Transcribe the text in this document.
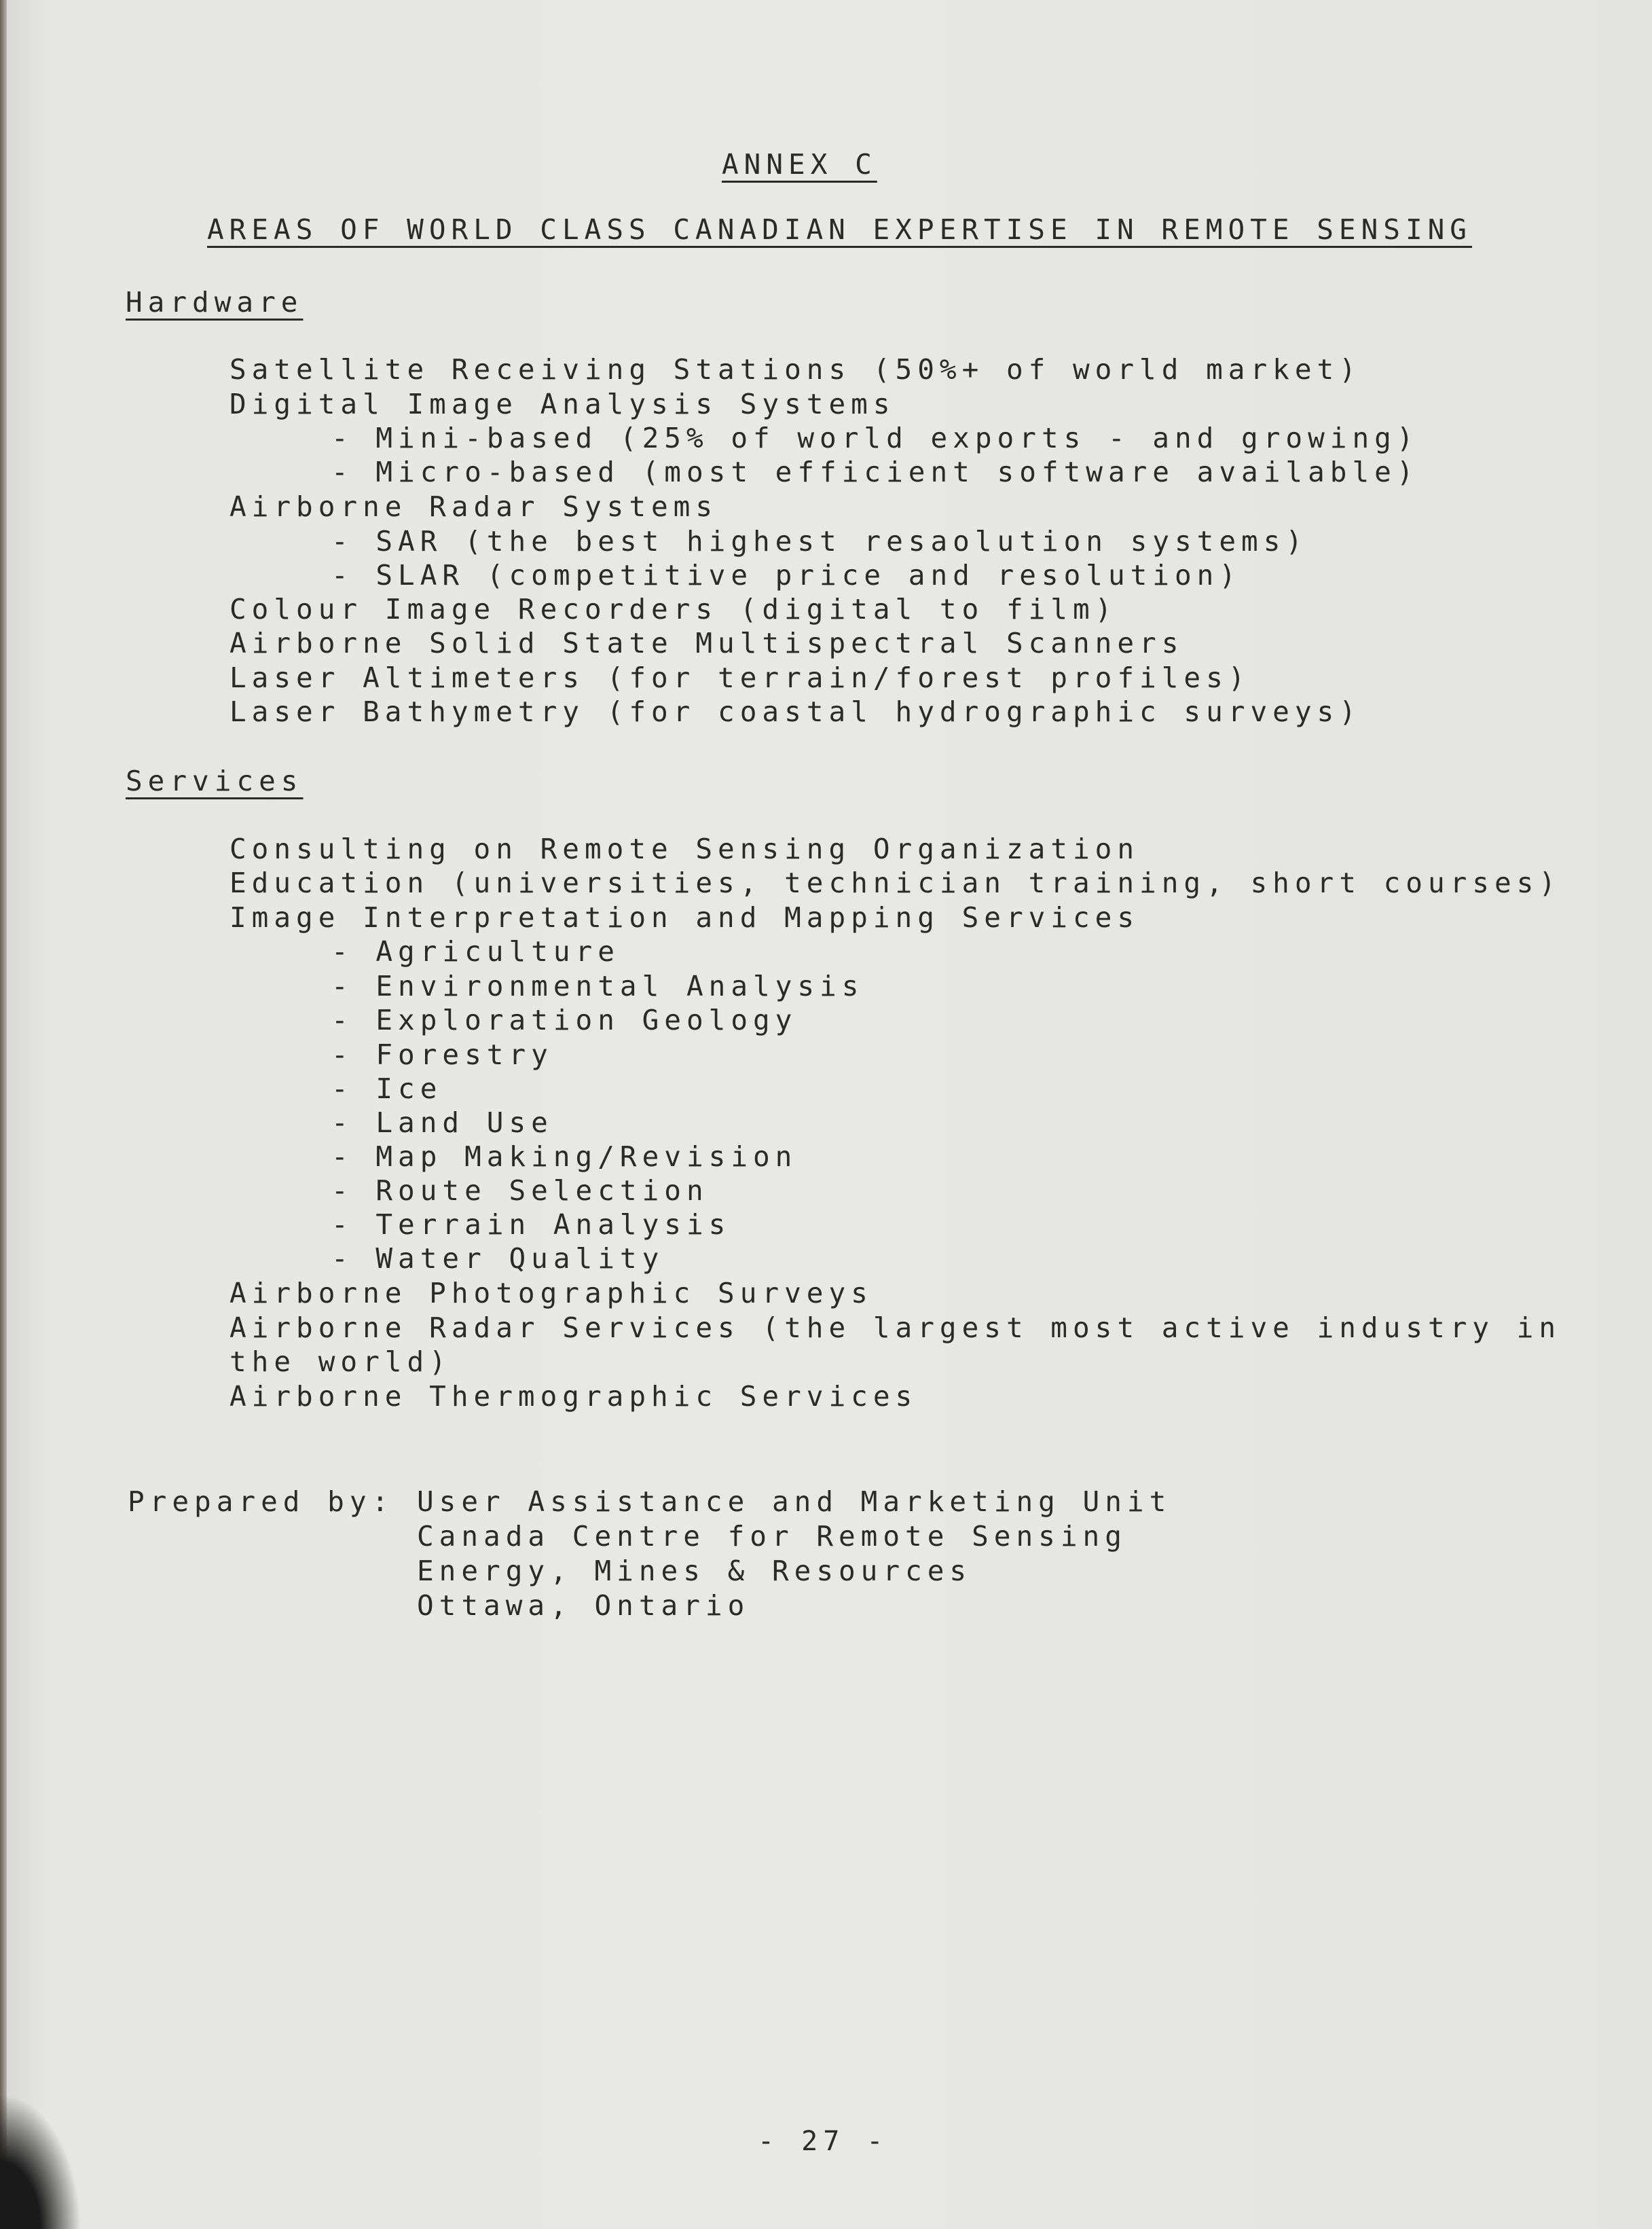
ANNEX C
AREAS OF WORLD CLASS CANADIAN EXPERTISE IN REMOTE SENSING
Hardware
Satellite Receiving Stations (50%+ of world market)
Digital Image Analysis Systems
- Mini-based (25% of world exports - and growing)
- Micro-based (most efficient software available)
Airborne Radar Systems
- SAR (the best highest resaolution systems)
- SLAR (competitive price and resolution)
Colour Image Recorders (digital to film)
Airborne Solid State Multispectral Scanners
Laser Altimeters (for terrain/forest profiles)
Laser Bathymetry (for coastal hydrographic surveys)
Services
Consulting on Remote Sensing Organization
Education (universities, technician training, short courses)
Image Interpretation and Mapping Services
- Agriculture
- Environmental Analysis
- Exploration Geology
- Forestry
- Ice
- Land Use
- Map Making/Revision
- Route Selection
- Terrain Analysis
- Water Quality
Airborne Photographic Surveys
Airborne Radar Services (the largest most active industry in
the world)
Airborne Thermographic Services
Prepared by: User Assistance and Marketing Unit
Canada Centre for Remote Sensing
Energy, Mines & Resources
Ottawa, Ontario
- 27 -
